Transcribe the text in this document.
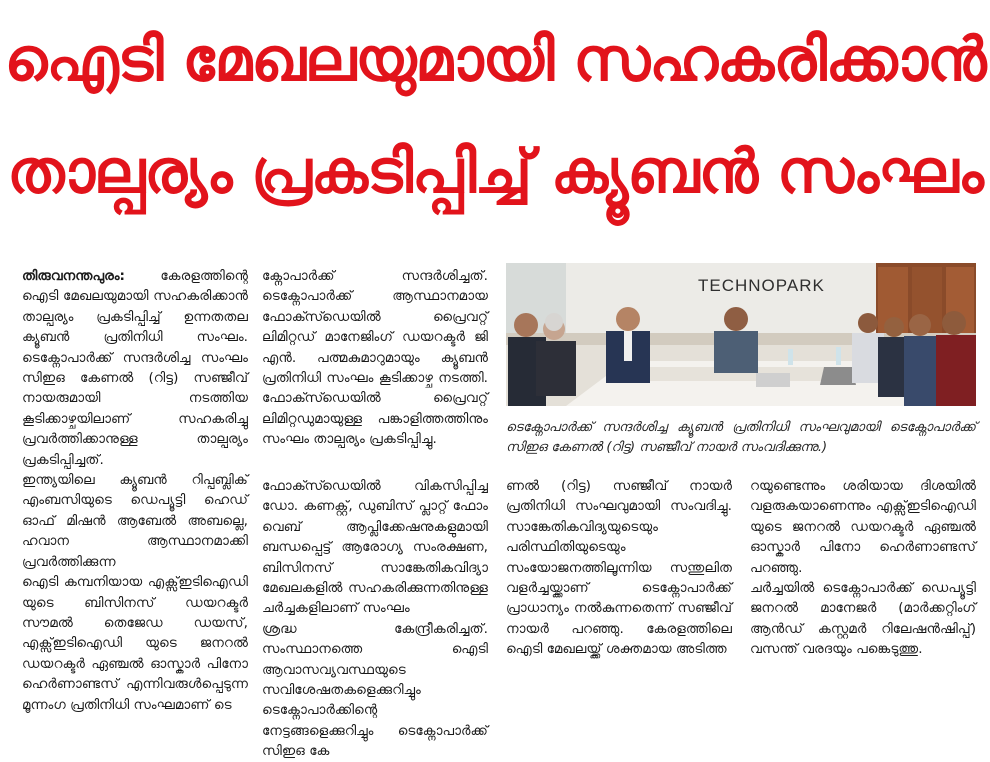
ഐടി മേഖലയുമായി സഹകരിക്കാൻ
താല്പര്യം പ്രകടിപ്പിച്ച് ക്യൂബൻ സംഘം

തിരുവനന്തപുരം:	കേരളത്തിന്റെ ഐടി മേഖലയുമായി സഹകരിക്കാൻ താല്പര്യം പ്രകടിപ്പിച്ച് ഉന്നതതല ക്യൂബൻ പ്രതിനിധി സംഘം. ടെക്നോപാർക്ക് സന്ദർശിച്ച സംഘം സിഇഒ കേണൽ (റിട്ട) സഞ്ജീവ് നായരുമായി നടത്തിയ കൂടിക്കാഴ്ചയിലാണ് സഹകരിച്ചു പ്രവർത്തിക്കാനുള്ള താല്പര്യം പ്രകടിപ്പിച്ചത്.

ഇന്ത്യയിലെ ക്യൂബൻ റിപ്പബ്ലിക് എംബസിയുടെ ഡെപ്യൂട്ടി ഹെഡ് ഓഫ് മിഷൻ ആബേൽ അബല്ലെ, ഹവാന ആസ്ഥാനമാക്കി പ്രവർത്തിക്കുന്ന

ഐടി കമ്പനിയായ എക്സ്ഇടിഐഡി യുടെ ബിസിനസ് ഡയറക്ടർ സൗമൽ തെജേഡ ഡയസ്, എക്സ്ഇടിഐഡി യുടെ ജനറൽ ഡയറക്ടർ ഏഞ്ചൽ ഓസ്കാർ പിനോ ഹെർണാണ്ടസ് എന്നിവരുൾപ്പെടുന്ന മൂന്നംഗ പ്രതിനിധി സംഘമാണ് ടെ

ക്നോപാർക്ക് സന്ദർശിച്ചത്. ടെക്നോപാർക്ക് ആസ്ഥാനമായ ഫോക്സ്ഡെയിൽ പ്രൈവറ്റ് ലിമിറ്റഡ് മാനേജിംഗ് ഡയറക്ടർ ജി എൻ. പത്മകുമാറുമായും ക്യൂബൻ പ്രതിനിധി സംഘം കൂടിക്കാഴ്ച നടത്തി. ഫോക്സ്ഡെയിൽ പ്രൈവറ്റ് ലിമിറ്റഡുമായുള്ള പങ്കാളിത്തത്തിനും സംഘം താല്പര്യം പ്രകടിപ്പിച്ചു.

ഫോക്സ്ഡെയിൽ വികസിപ്പിച്ച ഡോ. കണക്റ്റ്, ഡുബിസ് പ്ലാറ്റ് ഫോം വെബ് ആപ്ലിക്കേഷനുകളുമായി ബന്ധപ്പെട്ട് ആരോഗ്യ സംരക്ഷണ, ബിസിനസ് സാങ്കേതികവിദ്യാ മേഖലകളിൽ സഹകരിക്കുന്നതിനുള്ള ചർച്ചകളിലാണ് സംഘം

ശ്രദ്ധ കേന്ദ്രീകരിച്ചത്. സംസ്ഥാനത്തെ ഐടി ആവാസവ്യവസ്ഥയുടെ സവിശേഷതകളെക്കുറിച്ചും ടെക്നോപാർക്കിന്റെ നേട്ടങ്ങളെക്കുറിച്ചും ടെക്നോപാർക്ക് സിഇഒ കേ

ണൽ (റിട്ട) സഞ്ജീവ് നായർ പ്രതിനിധി സംഘവുമായി സംവദിച്ചു. സാങ്കേതികവിദ്യയുടെയും പരിസ്ഥിതിയുടെയും

സംയോജനത്തിലൂന്നിയ സന്തുലിത വളർച്ചയ്ക്കാണ് ടെക്നോപാർക്ക് പ്രാധാന്യം നൽകുന്നതെന്ന് സഞ്ജീവ് നായർ പറഞ്ഞു. കേരളത്തിലെ ഐടി മേഖലയ്ക്ക് ശക്തമായ അടിത്ത

റയുണ്ടെന്നും ശരിയായ ദിശയിൽ വളരുകയാണെന്നും എക്സ്ഇടിഐഡി യുടെ ജനറൽ ഡയറക്ടർ ഏഞ്ചൽ ഓസ്കാർ പിനോ ഹെർണാണ്ടസ് പറഞ്ഞു.

ചർച്ചയിൽ ടെക്നോപാർക്ക് ഡെപ്യൂട്ടി ജനറൽ മാനേജർ (മാർക്കറ്റിംഗ് ആൻഡ് കസ്റ്റമർ റിലേഷൻഷിപ്പ്) വസന്ത് വരദയും പങ്കെടുത്തു.

TECHNOPARK
ടെക്നോപാർക്ക് സന്ദർശിച്ച ക്യൂബൻ പ്രതിനിധി സംഘവുമായി ടെക്നോപാർക്ക് സിഇഒ കേണൽ (റിട്ട) സഞ്ജീവ് നായർ സംവദിക്കുന്നു.)
